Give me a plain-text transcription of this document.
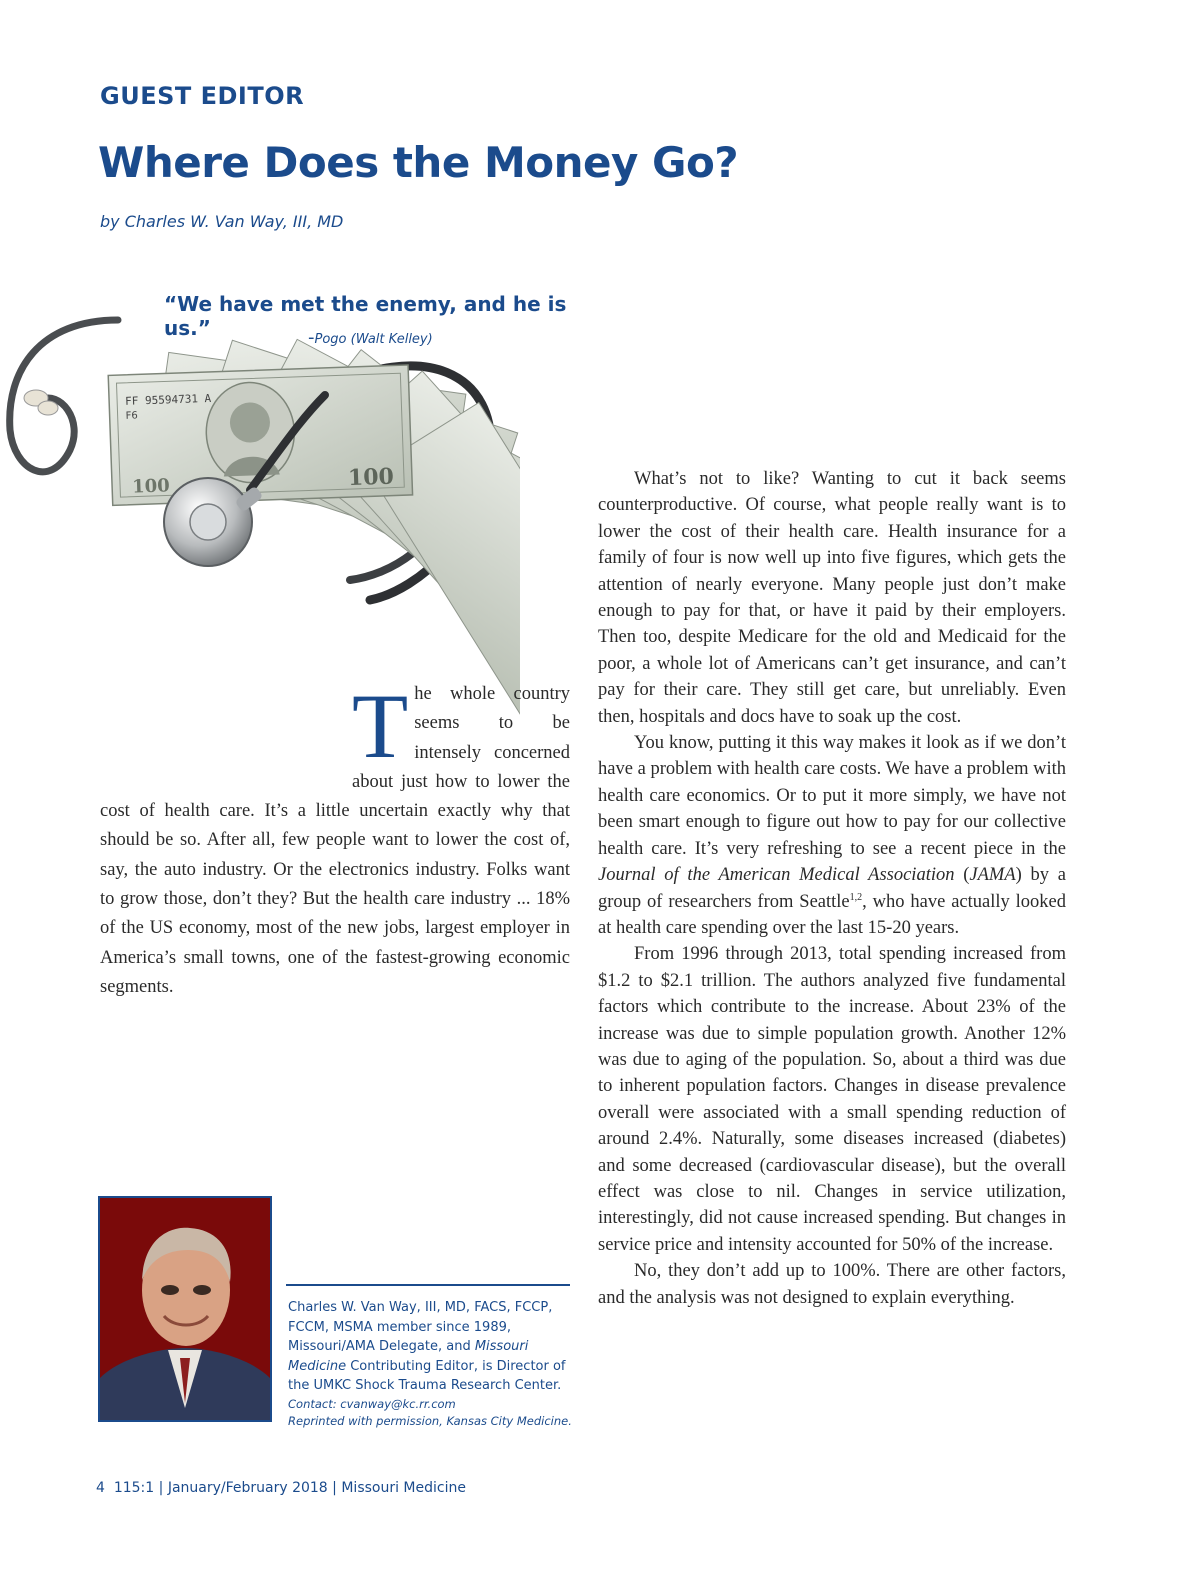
GUEST EDITOR
Where Does the Money Go?
by Charles W. Van Way, III, MD
“We have met the enemy, and he is us.”	-Pogo (Walt Kelley)
FF 95594731 A
F6
100
100
The whole country seems to be intensely concerned about just how to lower the cost of health care. It’s a little uncertain exactly why that should be so. After all, few people want to lower the cost of, say, the auto industry. Or the electronics industry. Folks want to grow those, don’t they? But the health care industry ... 18% of the US economy, most of the new jobs, largest employer in America’s small towns, one of the fastest-growing economic segments.

What’s not to like? Wanting to cut it back seems counterproductive. Of course, what people really want is to lower the cost of their health care. Health insurance for a family of four is now well up into five figures, which gets the attention of nearly everyone. Many people just don’t make enough to pay for that, or have it paid by their employers. Then too, despite Medicare for the old and Medicaid for the poor, a whole lot of Americans can’t get insurance, and can’t pay for their care. They still get care, but unreliably. Even then, hospitals and docs have to soak up the cost.

You know, putting it this way makes it look as if we don’t have a problem with health care costs. We have a problem with health care economics. Or to put it more simply, we have not been smart enough to figure out how to pay for our collective health care. It’s very refreshing to see a recent piece in the Journal of the American Medical Association (JAMA) by a group of researchers from Seattle$^{1,2}$, who have actually looked at health care spending over the last 15-20 years.

From 1996 through 2013, total spending increased from $1.2 to $2.1 trillion. The authors analyzed five fundamental factors which contribute to the increase. About 23% of the increase was due to simple population growth. Another 12% was due to aging of the population. So, about a third was due to inherent population factors. Changes in disease prevalence overall were associated with a small spending reduction of around 2.4%. Naturally, some diseases increased (diabetes) and some decreased (cardiovascular disease), but the overall effect was close to nil. Changes in service utilization, interestingly, did not cause increased spending. But changes in service price and intensity accounted for 50% of the increase.

No, they don’t add up to 100%. There are other factors, and the analysis was not designed to explain everything.

Charles W. Van Way, III, MD, FACS, FCCP, FCCM, MSMA member since 1989, Missouri/AMA Delegate, and Missouri Medicine Contributing Editor, is Director of the UMKC Shock Trauma Research Center.
Contact: cvanway@kc.rr.com
Reprinted with permission, Kansas City Medicine.
4 115:1 | January/February 2018 | Missouri Medicine
